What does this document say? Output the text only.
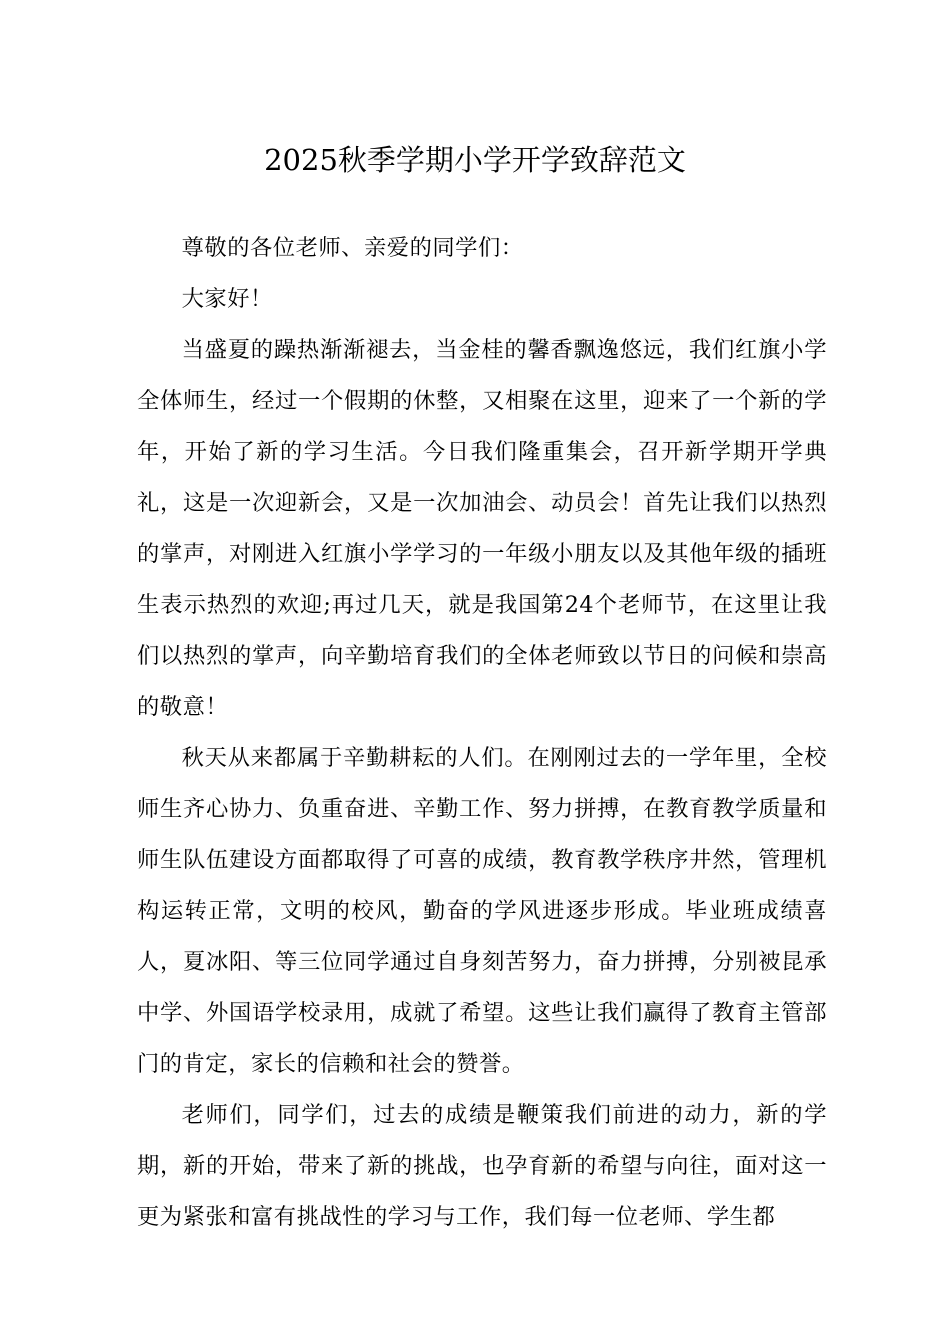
2025秋季学期小学开学致辞范文

尊敬的各位老师、亲爱的同学们：

大家好！

当盛夏的躁热渐渐褪去，当金桂的馨香飘逸悠远，我们红旗小学全体师生，经过一个假期的休整，又相聚在这里，迎来了一个新的学年，开始了新的学习生活。今日我们隆重集会，召开新学期开学典礼，这是一次迎新会，又是一次加油会、动员会！首先让我们以热烈的掌声，对刚进入红旗小学学习的一年级小朋友以及其他年级的插班生表示热烈的欢迎;再过几天，就是我国第24个老师节，在这里让我们以热烈的掌声，向辛勤培育我们的全体老师致以节日的问候和崇高的敬意！

秋天从来都属于辛勤耕耘的人们。在刚刚过去的一学年里，全校师生齐心协力、负重奋进、辛勤工作、努力拼搏，在教育教学质量和师生队伍建设方面都取得了可喜的成绩，教育教学秩序井然，管理机构运转正常，文明的校风，勤奋的学风进逐步形成。毕业班成绩喜人，夏冰阳、等三位同学通过自身刻苦努力，奋力拼搏，分别被昆承中学、外国语学校录用，成就了希望。这些让我们赢得了教育主管部门的肯定，家长的信赖和社会的赞誉。

老师们，同学们，过去的成绩是鞭策我们前进的动力，新的学期，新的开始，带来了新的挑战，也孕育新的希望与向往，面对这一更为紧张和富有挑战性的学习与工作，我们每一位老师、学生都
